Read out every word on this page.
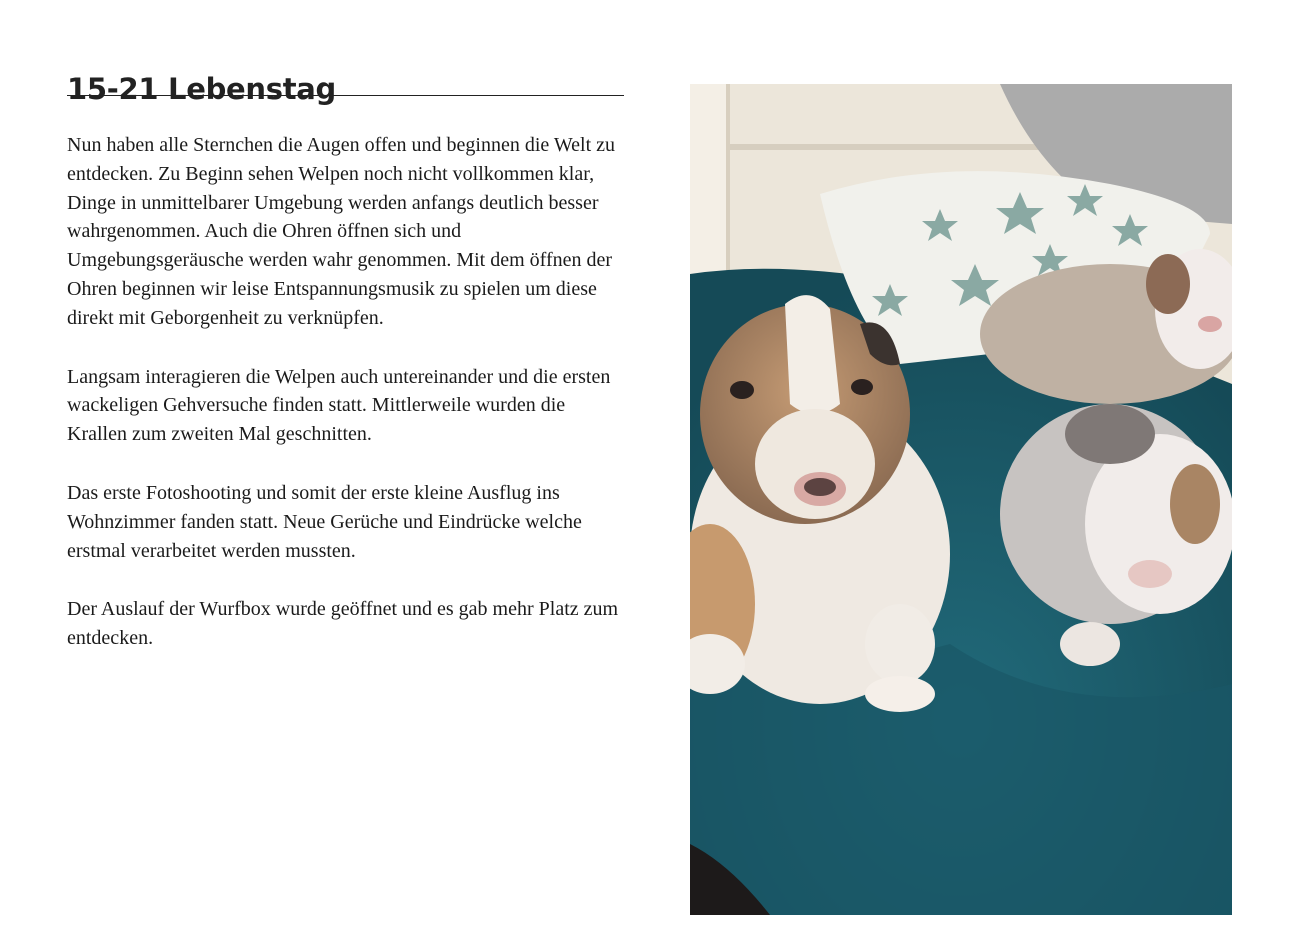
15-21 Lebenstag

Nun haben alle Sternchen die Augen offen und beginnen die Welt zu entdecken. Zu Beginn sehen Welpen noch nicht vollkommen klar, Dinge in unmittelbarer Umgebung werden anfangs deutlich besser wahrgenommen. Auch die Ohren öffnen sich und Umgebungsgeräusche werden wahr genommen. Mit dem öffnen der Ohren beginnen wir leise Entspannungsmusik zu spielen um diese direkt mit Geborgenheit zu verknüpfen.

Langsam interagieren die Welpen auch untereinander und die ersten wackeligen Gehversuche finden statt. Mittlerweile wurden die Krallen zum zweiten Mal geschnitten.

Das erste Fotoshooting und somit der erste kleine Ausflug ins Wohnzimmer fanden statt. Neue Gerüche und Eindrücke welche erstmal verarbeitet werden mussten.

Der Auslauf der Wurfbox wurde geöffnet und es gab mehr Platz zum entdecken.
